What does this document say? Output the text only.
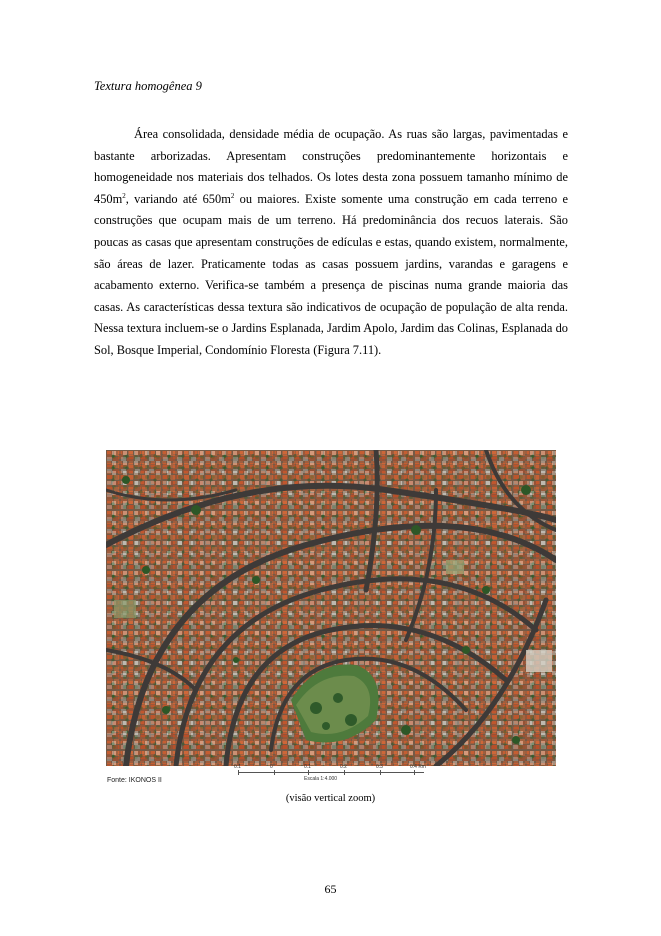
Textura homogênea 9

Área consolidada, densidade média de ocupação. As ruas são largas, pavimentadas e bastante arborizadas. Apresentam construções predominantemente horizontais e homogeneidade nos materiais dos telhados. Os lotes desta zona possuem tamanho mínimo de $450m^2$, variando até $650m^2$ ou maiores. Existe somente uma construção em cada terreno e construções que ocupam mais de um terreno. Há predominância dos recuos laterais. São poucas as casas que apresentam construções de edículas e estas, quando existem, normalmente, são áreas de lazer. Praticamente todas as casas possuem jardins, varandas e garagens e acabamento externo. Verifica-se também a presença de piscinas numa grande maioria das casas. As características dessa textura são indicativos de ocupação de população de alta renda. Nessa textura incluem-se o Jardins Esplanada, Jardim Apolo, Jardim das Colinas, Esplanada do Sol, Bosque Imperial, Condomínio Floresta (Figura 7.11).

0.1	0	0.1	0.2	0.3	0.4 Km
Escala 1:4.000
Fonte: IKONOS II
(visão vertical zoom)
65
